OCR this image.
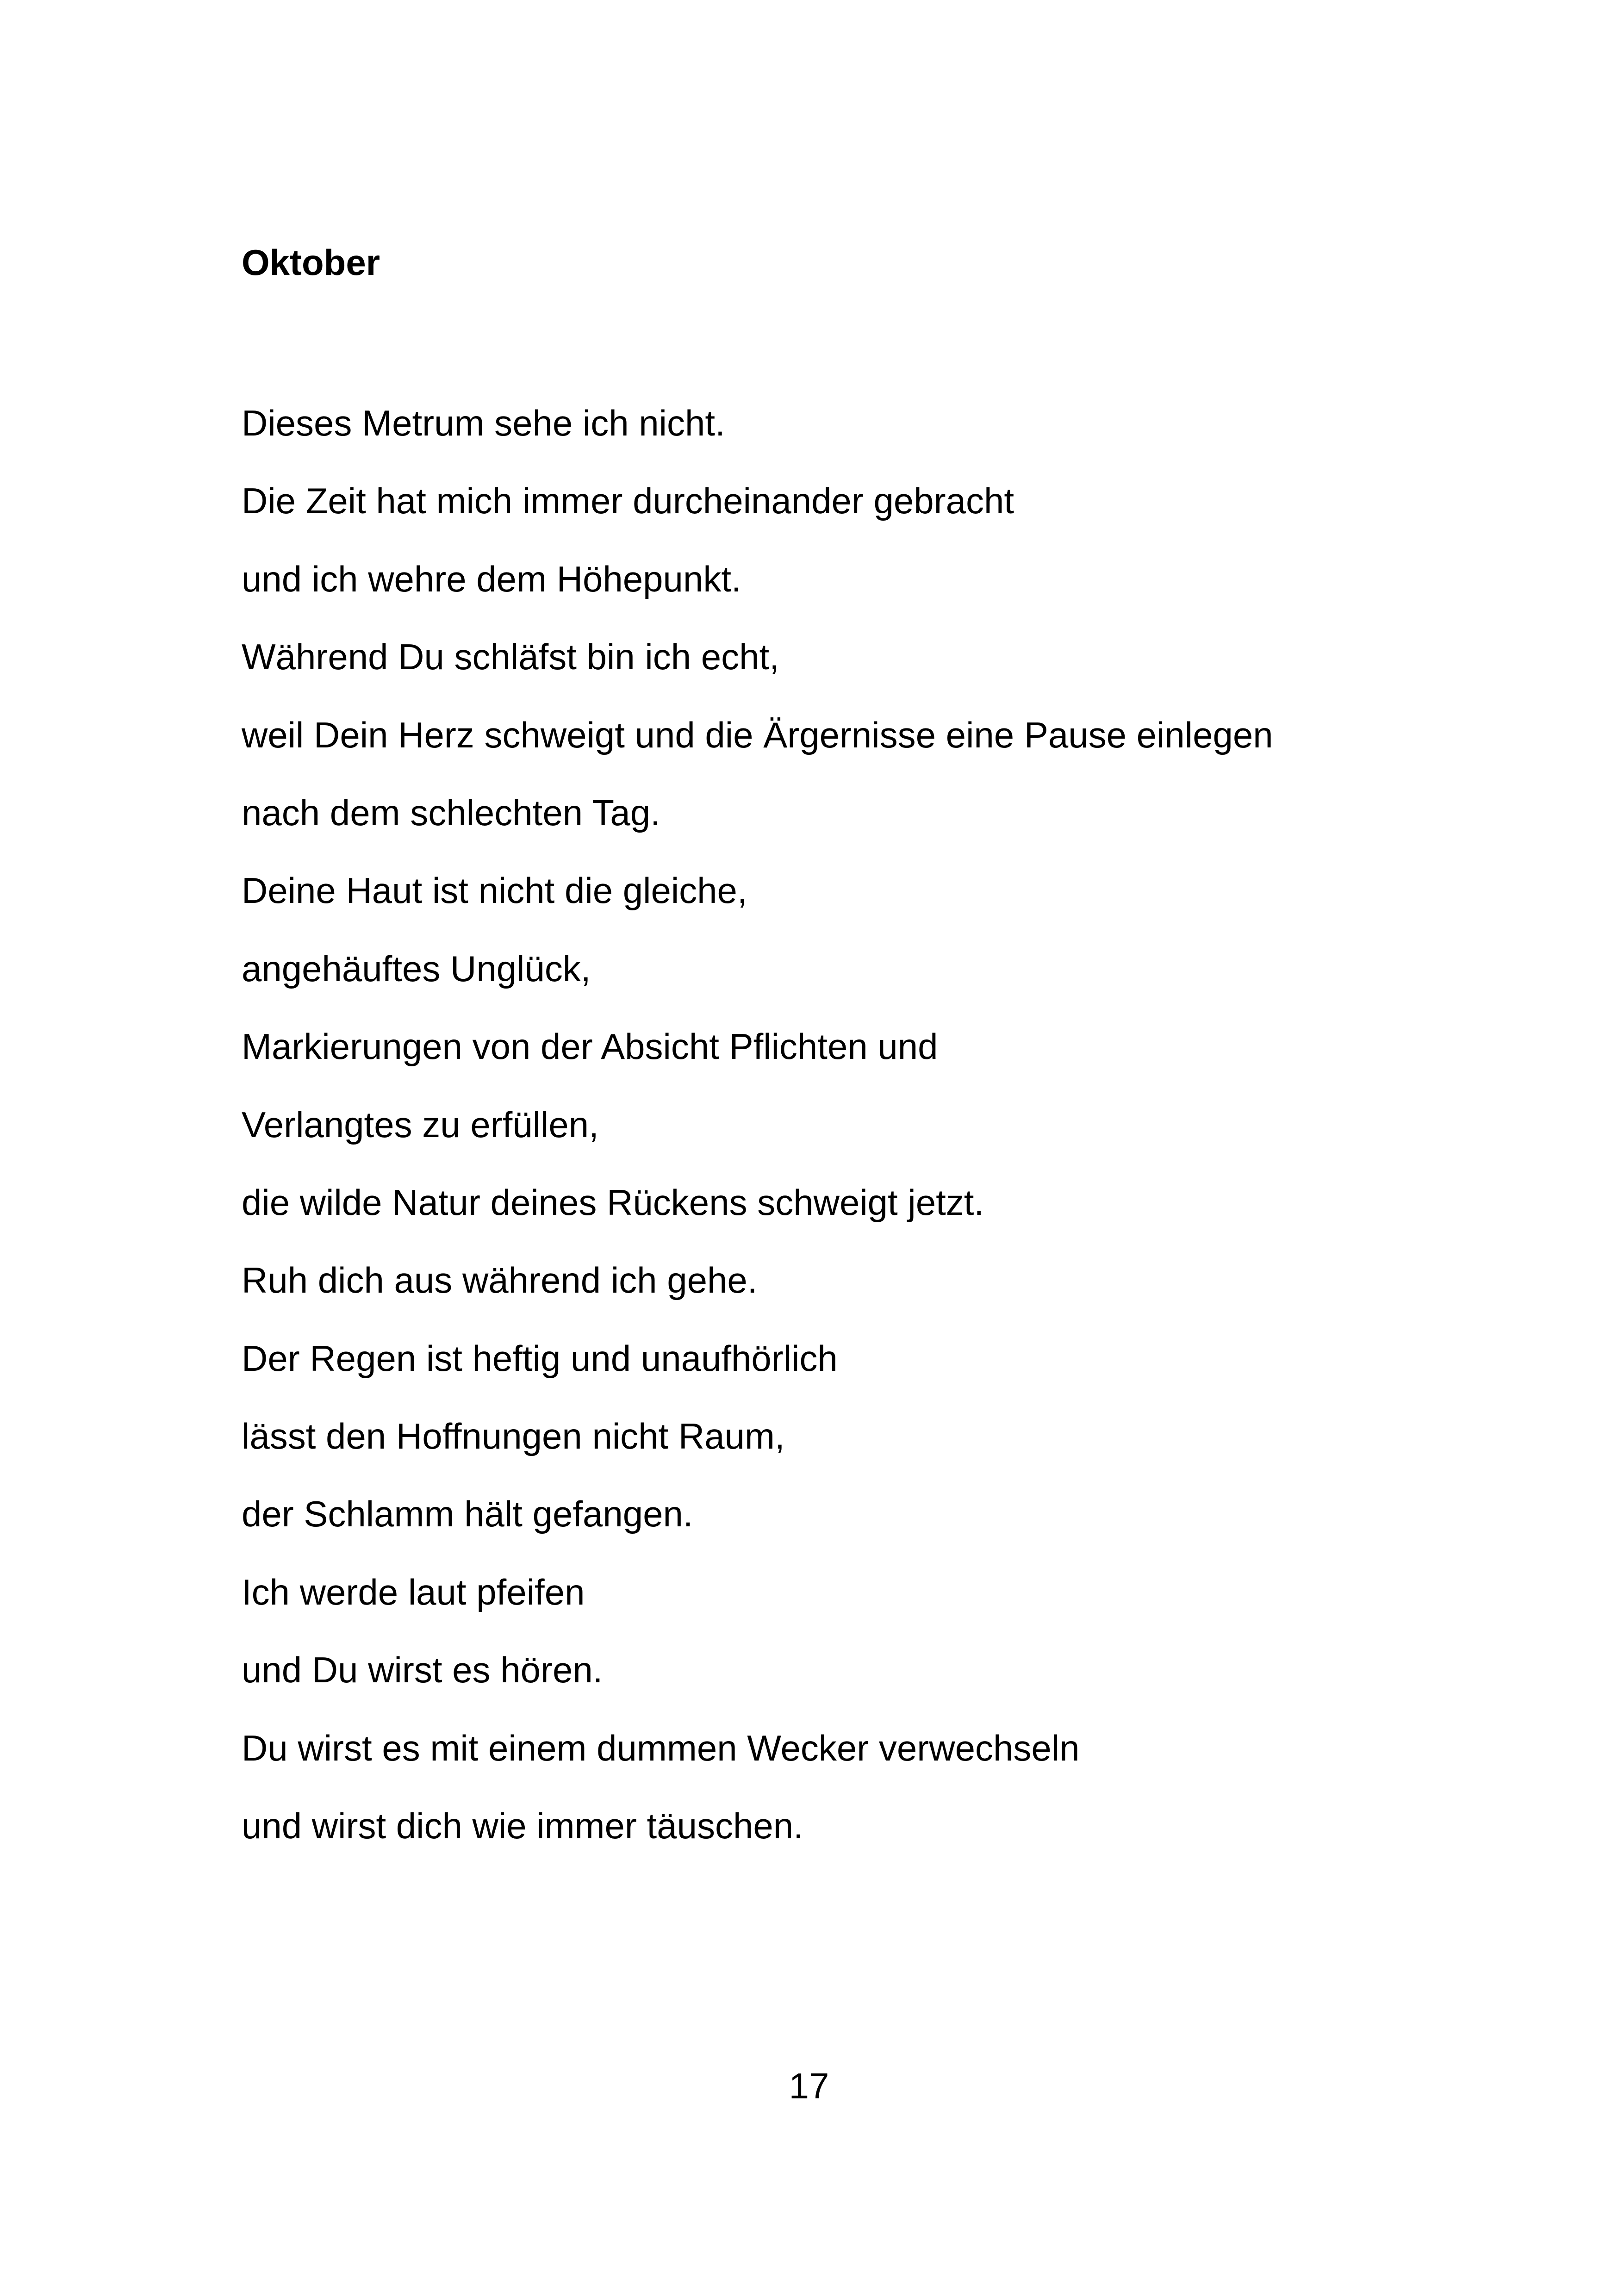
Oktober
Dieses Metrum sehe ich nicht.
Die Zeit hat mich immer durcheinander gebracht
und ich wehre dem Höhepunkt.
Während Du schläfst bin ich echt,
weil Dein Herz schweigt und die Ärgernisse eine Pause einlegen
nach dem schlechten Tag.
Deine Haut ist nicht die gleiche,
angehäuftes Unglück,
Markierungen von der Absicht Pflichten und
Verlangtes zu erfüllen,
die wilde Natur deines Rückens schweigt jetzt.
Ruh dich aus während ich gehe.
Der Regen ist heftig und unaufhörlich
lässt den Hoffnungen nicht Raum,
der Schlamm hält gefangen.
Ich werde laut pfeifen
und Du wirst es hören.
Du wirst es mit einem dummen Wecker verwechseln
und wirst dich wie immer täuschen.
17
